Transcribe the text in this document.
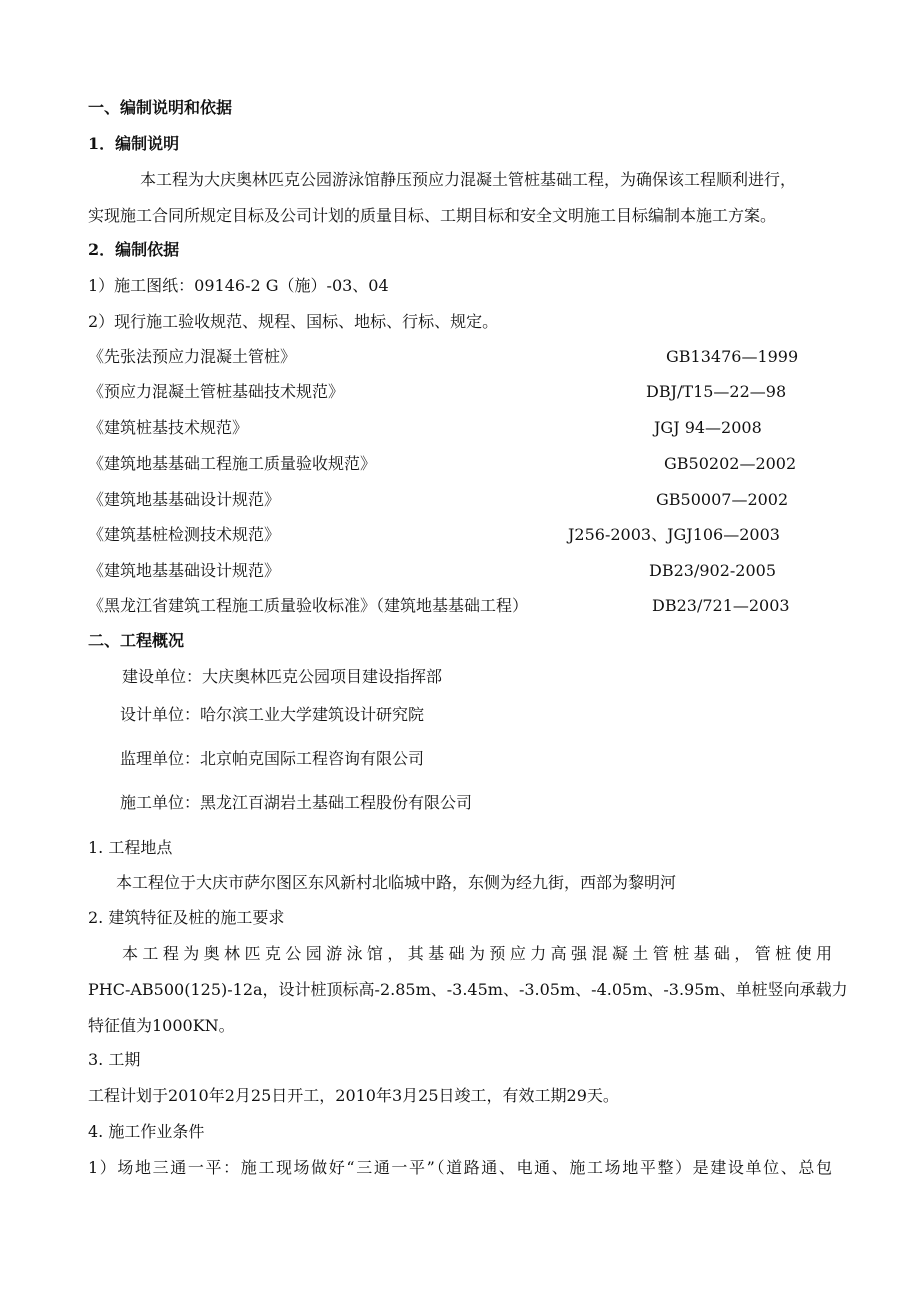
一、编制说明和依据
1．编制说明
本工程为大庆奥林匹克公园游泳馆静压预应力混凝土管桩基础工程，为确保该工程顺利进行，
实现施工合同所规定目标及公司计划的质量目标、工期目标和安全文明施工目标编制本施工方案。
2．编制依据
1）施工图纸：09146-2 G（施）-03、04
2）现行施工验收规范、规程、国标、地标、行标、规定。
《先张法预应力混凝土管桩》	GB13476—1999
《预应力混凝土管桩基础技术规范》	DBJ/T15—22—98
《建筑桩基技术规范》	JGJ 94—2008
《建筑地基基础工程施工质量验收规范》	GB50202—2002
《建筑地基基础设计规范》	GB50007—2002
《建筑基桩检测技术规范》	J256-2003、JGJ106—2003
《建筑地基基础设计规范》	DB23/902-2005
《黑龙江省建筑工程施工质量验收标准》（建筑地基基础工程）	DB23/721—2003
二、工程概况
建设单位：大庆奥林匹克公园项目建设指挥部
设计单位：哈尔滨工业大学建筑设计研究院
监理单位：北京帕克国际工程咨询有限公司
施工单位：黑龙江百湖岩土基础工程股份有限公司
1. 工程地点
本工程位于大庆市萨尔图区东风新村北临城中路，东侧为经九街，西部为黎明河
2. 建筑特征及桩的施工要求
本工程为奥林匹克公园游泳馆，其基础为预应力高强混凝土管桩基础，管桩使用
PHC-AB500(125)-12a，设计桩顶标高-2.85m、-3.45m、-3.05m、-4.05m、-3.95m、单桩竖向承载力
特征值为1000KN。
3. 工期
工程计划于2010年2月25日开工，2010年3月25日竣工，有效工期29天。
4. 施工作业条件
1）场地三通一平：施工现场做好“三通一平”（道路通、电通、施工场地平整）是建设单位、总包
